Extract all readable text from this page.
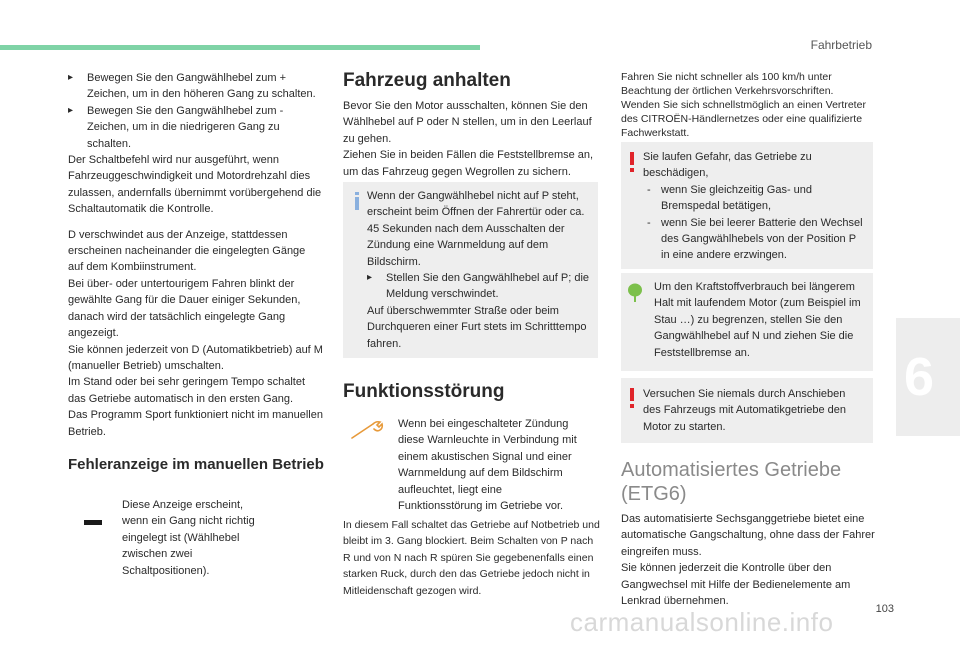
Fahrbetrieb
6
103
carmanualsonline.info

▸ Bewegen Sie den Gangwählhebel zum + Zeichen, um in den höheren Gang zu schalten.

▸ Bewegen Sie den Gangwählhebel zum - Zeichen, um in die niedrigeren Gang zu schalten.

Der Schaltbefehl wird nur ausgeführt, wenn Fahrzeuggeschwindigkeit und Motordrehzahl dies zulassen, andernfalls übernimmt vorübergehend die Schaltautomatik die Kontrolle.

D verschwindet aus der Anzeige, stattdessen erscheinen nacheinander die eingelegten Gänge auf dem Kombiinstrument.

Bei über- oder untertourigem Fahren blinkt der gewählte Gang für die Dauer einiger Sekunden, danach wird der tatsächlich eingelegte Gang angezeigt.

Sie können jederzeit von D (Automatikbetrieb) auf M (manueller Betrieb) umschalten.

Im Stand oder bei sehr geringem Tempo schaltet das Getriebe automatisch in den ersten Gang.

Das Programm Sport funktioniert nicht im manuellen Betrieb.

Fehleranzeige im manuellen Betrieb

Diese Anzeige erscheint, wenn ein Gang nicht richtig eingelegt ist (Wählhebel zwischen zwei Schaltpositionen).

Fahrzeug anhalten

Bevor Sie den Motor ausschalten, können Sie den Wählhebel auf P oder N stellen, um in den Leerlauf zu gehen.

Ziehen Sie in beiden Fällen die Feststellbremse an, um das Fahrzeug gegen Wegrollen zu sichern.

Wenn der Gangwählhebel nicht auf P steht, erscheint beim Öffnen der Fahrertür oder ca. 45 Sekunden nach dem Ausschalten der Zündung eine Warnmeldung auf dem Bildschirm.

▸ Stellen Sie den Gangwählhebel auf P; die Meldung verschwindet.

Auf überschwemmter Straße oder beim Durchqueren einer Furt stets im Schritttempo fahren.

Funktionsstörung

Wenn bei eingeschalteter Zündung diese Warnleuchte in Verbindung mit einem akustischen Signal und einer Warnmeldung auf dem Bildschirm aufleuchtet, liegt eine Funktionsstörung im Getriebe vor.

In diesem Fall schaltet das Getriebe auf Notbetrieb und bleibt im 3. Gang blockiert. Beim Schalten von P nach R und von N nach R spüren Sie gegebenenfalls einen starken Ruck, durch den das Getriebe jedoch nicht in Mitleidenschaft gezogen wird.

Fahren Sie nicht schneller als 100 km/h unter Beachtung der örtlichen Verkehrsvorschriften.

Wenden Sie sich schnellstmöglich an einen Vertreter des CITROËN-Händlernetzes oder eine qualifizierte Fachwerkstatt.

Sie laufen Gefahr, das Getriebe zu beschädigen,

- wenn Sie gleichzeitig Gas- und Bremspedal betätigen,

- wenn Sie bei leerer Batterie den Wechsel des Gangwählhebels von der Position P in eine andere erzwingen.

Um den Kraftstoffverbrauch bei längerem Halt mit laufendem Motor (zum Beispiel im Stau …) zu begrenzen, stellen Sie den Gangwählhebel auf N und ziehen Sie die Feststellbremse an.

Versuchen Sie niemals durch Anschieben des Fahrzeugs mit Automatikgetriebe den Motor zu starten.

Automatisiertes Getriebe (ETG6)

Das automatisierte Sechsganggetriebe bietet eine automatische Gangschaltung, ohne dass der Fahrer eingreifen muss.

Sie können jederzeit die Kontrolle über den Gangwechsel mit Hilfe der Bedienelemente am Lenkrad übernehmen.
